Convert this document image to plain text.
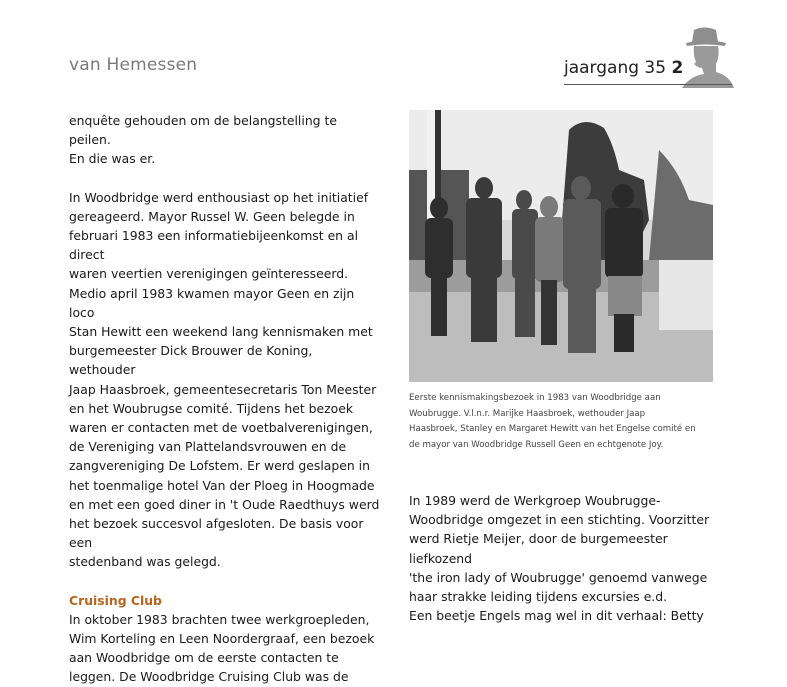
van Hemessen	jaargang 35 2

enquête gehouden om de belangstelling te peilen.
En die was er.

In Woodbridge werd enthousiast op het initiatief
gereageerd. Mayor Russel W. Geen belegde in
februari 1983 een informatiebijeenkomst en al direct
waren veertien verenigingen geïnteresseerd.
Medio april 1983 kwamen mayor Geen en zijn loco
Stan Hewitt een weekend lang kennismaken met
burgemeester Dick Brouwer de Koning, wethouder
Jaap Haasbroek, gemeentesecretaris Ton Meester
en het Woubrugse comité. Tijdens het bezoek
waren er contacten met de voetbalverenigingen,
de Vereniging van Plattelandsvrouwen en de
zangvereniging De Lofstem. Er werd geslapen in
het toenmalige hotel Van der Ploeg in Hoogmade
en met een goed diner in 't Oude Raedthuys werd
het bezoek succesvol afgesloten. De basis voor een
stedenband was gelegd.

Cruising Club

In oktober 1983 brachten twee werkgroepleden,
Wim Korteling en Leen Noordergraaf, een bezoek
aan Woodbridge om de eerste contacten te
leggen. De Woodbridge Cruising Club was de

Eerste kennismakingsbezoek in 1983 van Woodbridge aan

Woubrugge. V.l.n.r. Marijke Haasbroek, wethouder Jaap

Haasbroek, Stanley en Margaret Hewitt van het Engelse comité en

de mayor van Woodbridge Russell Geen en echtgenote Joy.

In 1989 werd de Werkgroep Woubrugge-

Woodbridge omgezet in een stichting. Voorzitter

werd Rietje Meijer, door de burgemeester liefkozend

'the iron lady of Woubrugge' genoemd vanwege

haar strakke leiding tijdens excursies e.d.

Een beetje Engels mag wel in dit verhaal: Betty
